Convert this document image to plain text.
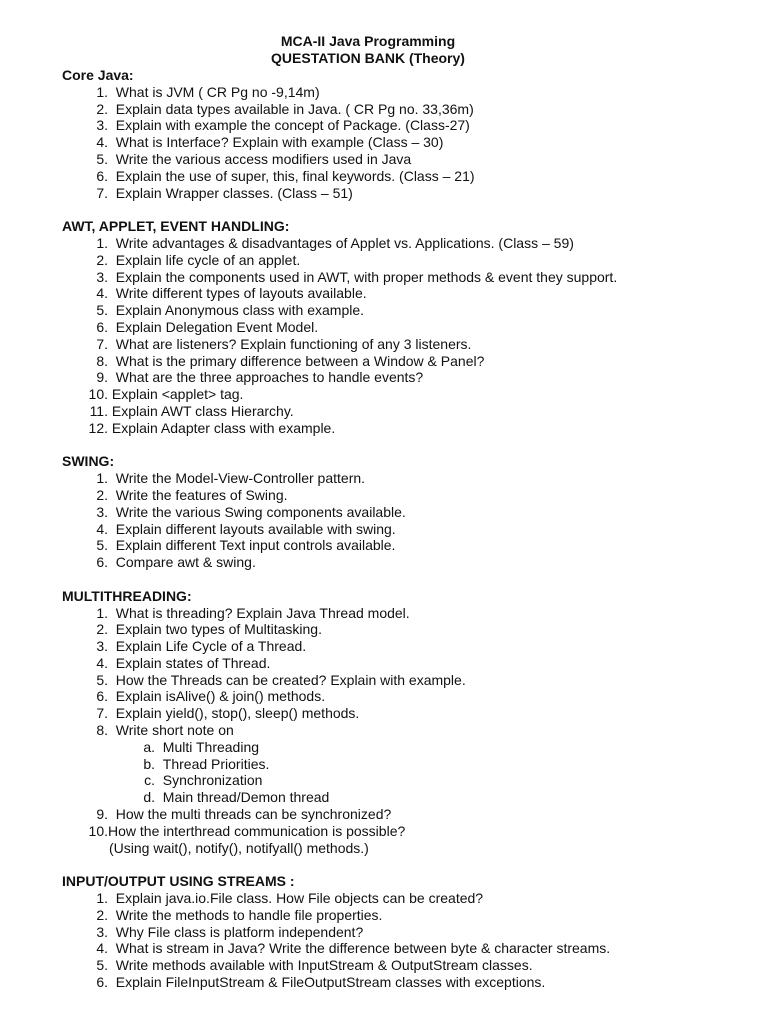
MCA-II Java Programming
QUESTATION BANK (Theory)
Core Java:
1.
What is JVM ( CR Pg no -9,14m)
2.
Explain data types available in Java. ( CR Pg no. 33,36m)
3.
Explain with example the concept of Package. (Class-27)
4.
What is Interface? Explain with example (Class – 30)
5.
Write the various access modifiers used in Java
6.
Explain the use of super, this, final keywords. (Class – 21)
7.
Explain Wrapper classes. (Class – 51)
AWT, APPLET, EVENT HANDLING:
1.
Write advantages & disadvantages of Applet vs. Applications. (Class – 59)
2.
Explain life cycle of an applet.
3.
Explain the components used in AWT, with proper methods & event they support.
4.
Write different types of layouts available.
5.
Explain Anonymous class with example.
6.
Explain Delegation Event Model.
7.
What are listeners? Explain functioning of any 3 listeners.
8.
What is the primary difference between a Window & Panel?
9.
What are the three approaches to handle events?
10.
Explain <applet> tag.
11.
Explain AWT class Hierarchy.
12.
Explain Adapter class with example.
SWING:
1.
Write the Model-View-Controller pattern.
2.
Write the features of Swing.
3.
Write the various Swing components available.
4.
Explain different layouts available with swing.
5.
Explain different Text input controls available.
6.
Compare awt & swing.
MULTITHREADING:
1.
What is threading? Explain Java Thread model.
2.
Explain two types of Multitasking.
3.
Explain Life Cycle of a Thread.
4.
Explain states of Thread.
5.
How the Threads can be created? Explain with example.
6.
Explain isAlive() & join() methods.
7.
Explain yield(), stop(), sleep() methods.
8.
Write short note on
a.
Multi Threading
b.
Thread Priorities.
c.
Synchronization
d.
Main thread/Demon thread
9.
How the multi threads can be synchronized?
10. How the interthread communication is possible?
(Using wait(), notify(), notifyall() methods.)
INPUT/OUTPUT USING STREAMS :
1.
Explain java.io.File class. How File objects can be created?
2.
Write the methods to handle file properties.
3.
Why File class is platform independent?
4.
What is stream in Java? Write the difference between byte & character streams.
5.
Write methods available with InputStream & OutputStream classes.
6.
Explain FileInputStream & FileOutputStream classes with exceptions.
